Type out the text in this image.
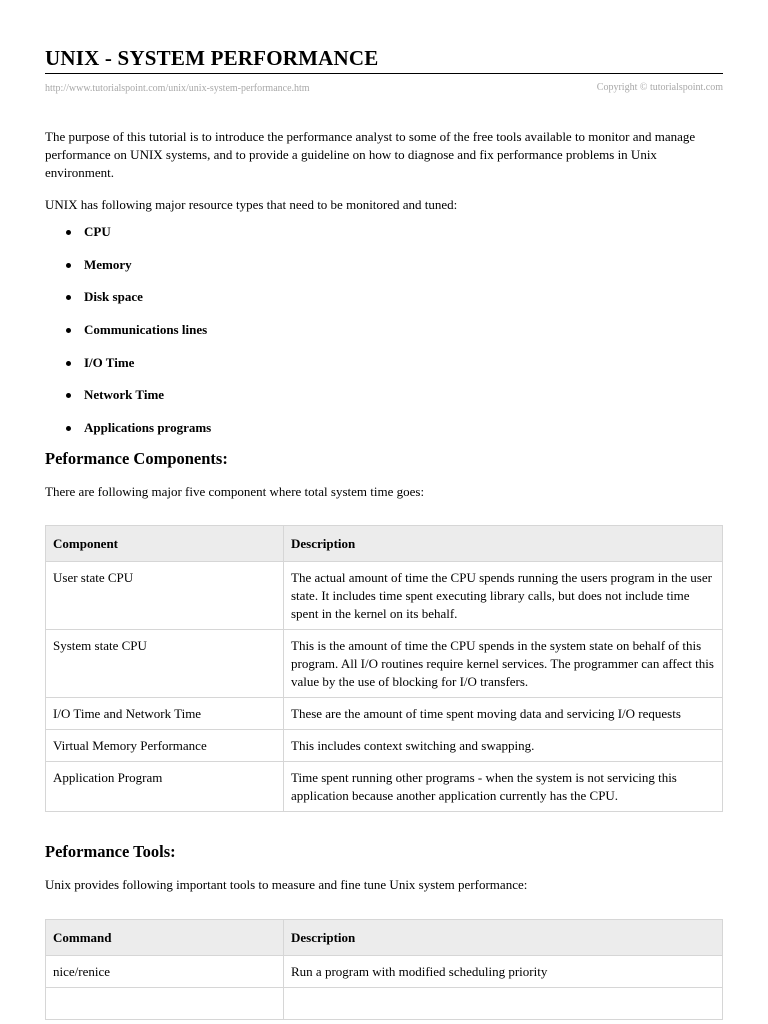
UNIX - SYSTEM PERFORMANCE
http://www.tutorialspoint.com/unix/unix-system-performance.htm	Copyright © tutorialspoint.com

The purpose of this tutorial is to introduce the performance analyst to some of the free tools available to monitor and manage performance on UNIX systems, and to provide a guideline on how to diagnose and fix performance problems in Unix environment.

UNIX has following major resource types that need to be monitored and tuned:

CPU
Memory
Disk space
Communications lines
I/O Time
Network Time
Applications programs
Peformance Components:

There are following major five component where total system time goes:

Component	Description
User state CPU	The actual amount of time the CPU spends running the users program in the user state. It includes time spent executing library calls, but does not include time spent in the kernel on its behalf.
System state CPU	This is the amount of time the CPU spends in the system state on behalf of this program. All I/O routines require kernel services. The programmer can affect this value by the use of blocking for I/O transfers.
I/O Time and Network Time	These are the amount of time spent moving data and servicing I/O requests
Virtual Memory Performance	This includes context switching and swapping.
Application Program	Time spent running other programs - when the system is not servicing this application because another application currently has the CPU.
Peformance Tools:

Unix provides following important tools to measure and fine tune Unix system performance:

Command	Description
nice/renice	Run a program with modified scheduling priority
